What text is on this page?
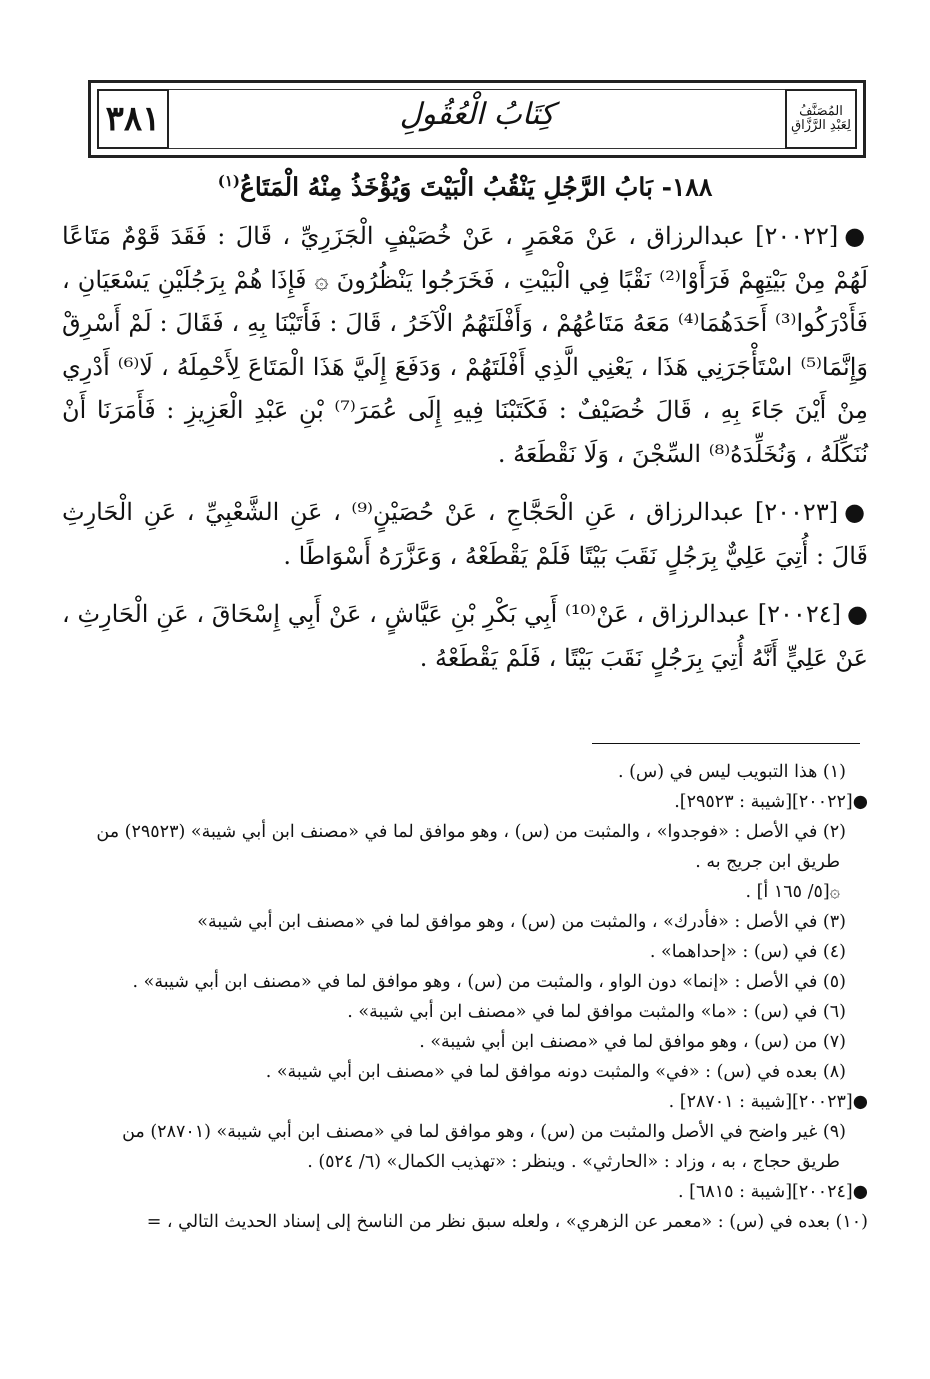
٣٨١	كِتَابُ الْعُقُولِ	المُصَنَّفُ
لِعَبْدِ الرَّزَّاقِ
١٨٨- بَابُ الرَّجُلِ يَنْقُبُ الْبَيْتَ وَيُؤْخَذُ مِنْهُ الْمَتَاعُ$^{(١)}$

●[٢٠٠٢٢] عبدالرزاق ، عَنْ مَعْمَرٍ ، عَنْ خُصَيْفٍ الْجَزَرِيِّ ، قَالَ : فَقَدَ قَوْمٌ مَتَاعًا لَهُمْ مِنْ بَيْتِهِمْ فَرَأَوْا⁽²⁾ نَقْبًا فِي الْبَيْتِ ، فَخَرَجُوا يَنْظُرُونَ ۞ فَإِذَا هُمْ بِرَجُلَيْنِ يَسْعَيَانِ ، فَأَدْرَكُوا⁽³⁾ أَحَدَهُمَا⁽⁴⁾ مَعَهُ مَتَاعُهُمْ ، وَأَفْلَتَهُمُ الْآخَرُ ، قَالَ : فَأَتَيْنَا بِهِ ، فَقَالَ : لَمْ أَسْرِقْ وَإِنَّمَا⁽⁵⁾ اسْتَأْجَرَنِي هَذَا ، يَعْنِي الَّذِي أَفْلَتَهُمْ ، وَدَفَعَ إِلَيَّ هَذَا الْمَتَاعَ لِأَحْمِلَهُ ، لَا⁽⁶⁾ أَدْرِي مِنْ أَيْنَ جَاءَ بِهِ ، قَالَ خُصَيْفٌ : فَكَتَبْنَا فِيهِ إِلَى عُمَرَ⁽⁷⁾ بْنِ عَبْدِ الْعَزِيزِ : فَأَمَرَنَا أَنْ نُنَكِّلَهُ ، وَنُخَلِّدَهُ⁽⁸⁾ السِّجْنَ ، وَلَا نَقْطَعَهُ .

●[٢٠٠٢٣] عبدالرزاق ، عَنِ الْحَجَّاجِ ، عَنْ حُصَيْنٍ⁽⁹⁾ ، عَنِ الشَّعْبِيِّ ، عَنِ الْحَارِثِ قَالَ : أُتِيَ عَلِيٌّ بِرَجُلٍ نَقَبَ بَيْتًا فَلَمْ يَقْطَعْهُ ، وَعَزَّرَهُ أَسْوَاطًا .

●[٢٠٠٢٤] عبدالرزاق ، عَنْ⁽¹⁰⁾ أَبِي بَكْرِ بْنِ عَيَّاشٍ ، عَنْ أَبِي إِسْحَاقَ ، عَنِ الْحَارِثِ ، عَنْ عَلِيٍّ أَنَّهُ أُتِيَ بِرَجُلٍ نَقَبَ بَيْتًا ، فَلَمْ يَقْطَعْهُ .

(١) هذا التبويب ليس في (س) .
●[٢٠٠٢٢][شيبة : ٢٩٥٢٣].
(٢) في الأصل : «فوجدوا» ، والمثبت من (س) ، وهو موافق لما في «مصنف ابن أبي شيبة» (٢٩٥٢٣) من
طريق ابن جريج به .
۞[٥/ ١٦٥ أ] .
(٣) في الأصل : «فأدرك» ، والمثبت من (س) ، وهو موافق لما في «مصنف ابن أبي شيبة»
(٤) في (س) : «إحداهما» .
(٥) في الأصل : «إنما» دون الواو ، والمثبت من (س) ، وهو موافق لما في «مصنف ابن أبي شيبة» .
(٦) في (س) : «ما» والمثبت موافق لما في «مصنف ابن أبي شيبة» .
(٧) من (س) ، وهو موافق لما في «مصنف ابن أبي شيبة» .
(٨) بعده في (س) : «في» والمثبت دونه موافق لما في «مصنف ابن أبي شيبة» .
●[٢٠٠٢٣][شيبة : ٢٨٧٠١] .
(٩) غير واضح في الأصل والمثبت من (س) ، وهو موافق لما في «مصنف ابن أبي شيبة» (٢٨٧٠١) من
طريق حجاج ، به ، وزاد : «الحارثي» . وينظر : «تهذيب الكمال» (٦/ ٥٢٤) .
●[٢٠٠٢٤][شيبة : ٦٨١٥] .
(١٠) بعده في (س) : «معمر عن الزهري» ، ولعله سبق نظر من الناسخ إلى إسناد الحديث التالي ، =
